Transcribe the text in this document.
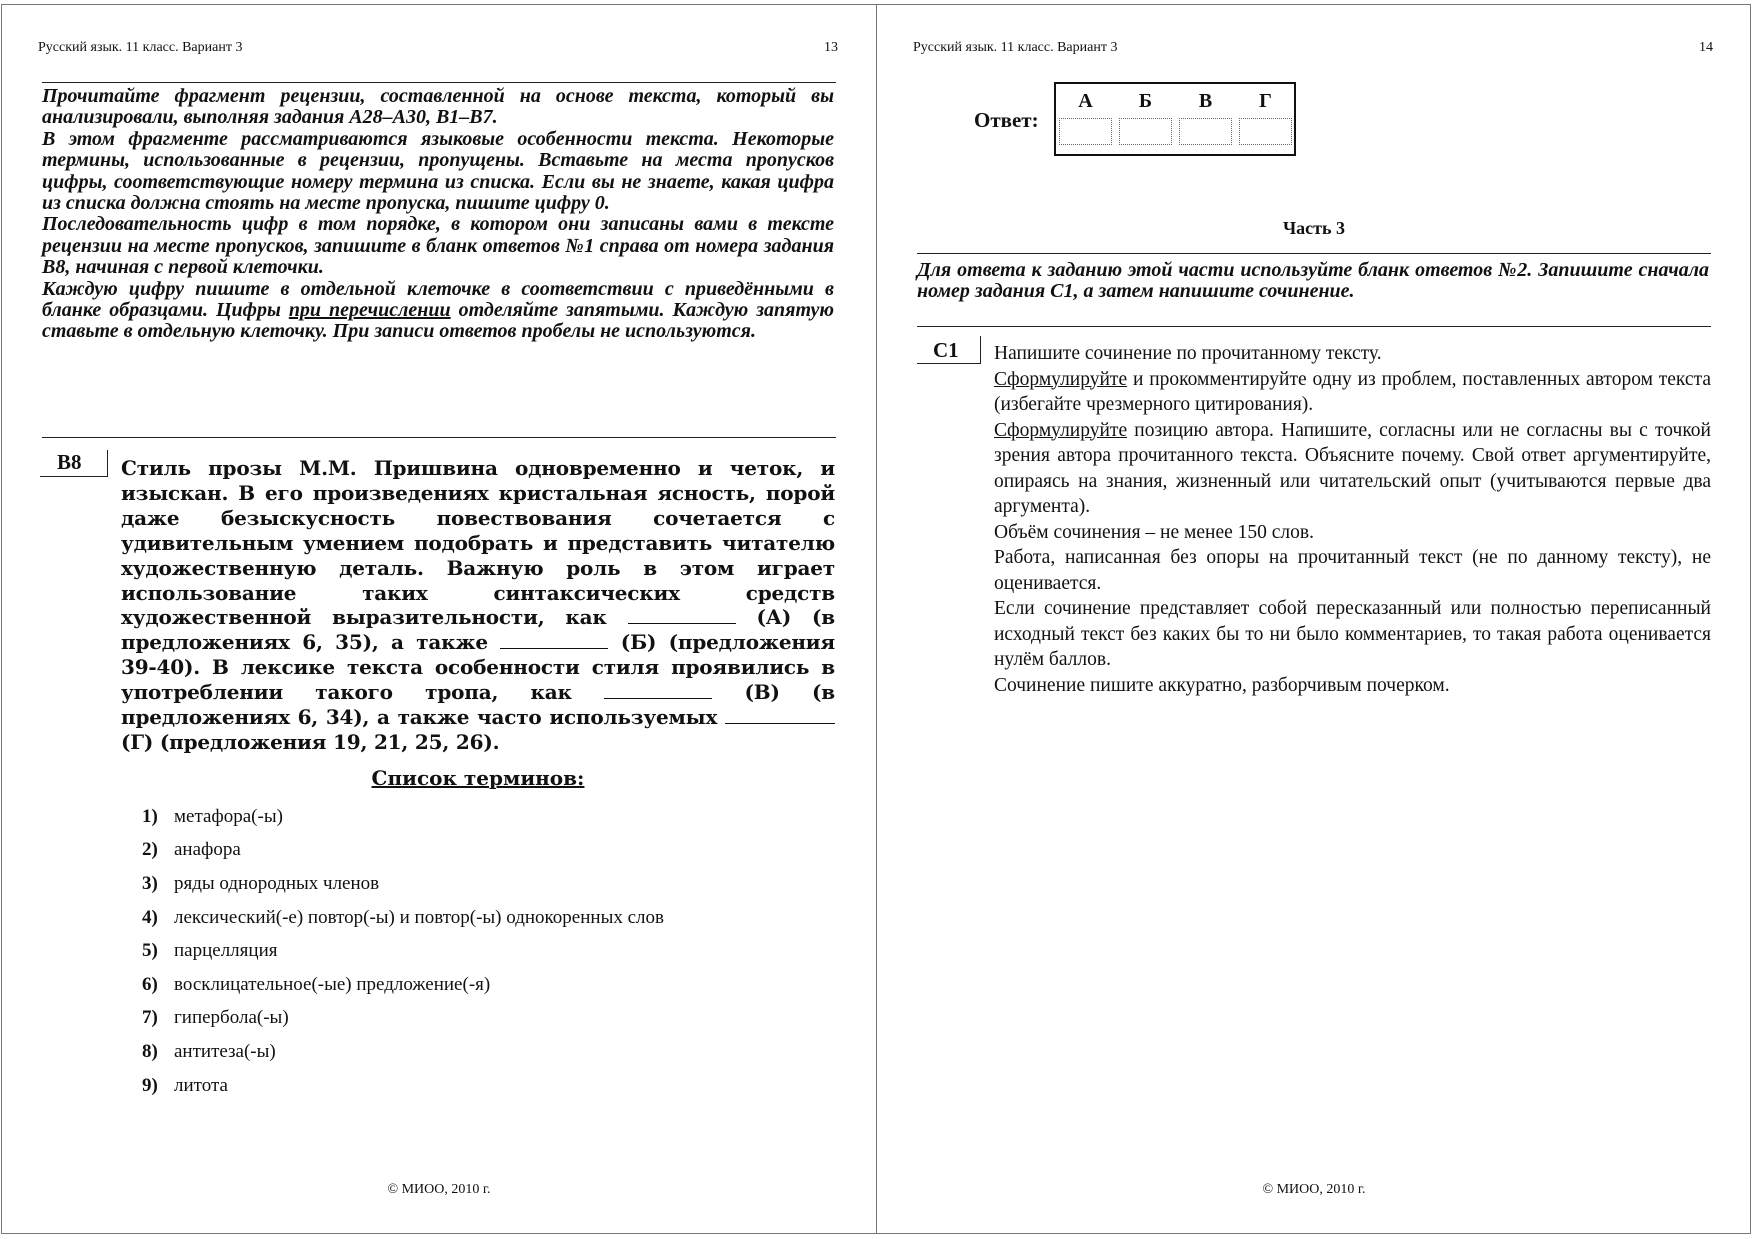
Русский язык. 11 класс. Вариант 3	13

Прочитайте фрагмент рецензии, составленной на основе текста, который вы анализировали, выполняя задания А28–А30, В1–В7.

В этом фрагменте рассматриваются языковые особенности текста. Некоторые термины, использованные в рецензии, пропущены. Вставьте на места пропусков цифры, соответствующие номеру термина из списка. Если вы не знаете, какая цифра из списка должна стоять на месте пропуска, пишите цифру 0.

Последовательность цифр в том порядке, в котором они записаны вами в тексте рецензии на месте пропусков, запишите в бланк ответов №1 справа от номера задания В8, начиная с первой клеточки.

Каждую цифру пишите в отдельной клеточке в соответствии с приведёнными в бланке образцами. Цифры при перечислении отделяйте запятыми. Каждую запятую ставьте в отдельную клеточку. При записи ответов пробелы не используются.

В8 Стиль прозы М.М. Пришвина одновременно и четок, и изыскан. В его произведениях кристальная ясность, порой даже безыскусность повествования сочетается с удивительным умением подобрать и представить читателю художественную деталь. Важную роль в этом играет использование таких синтаксических средств художественной выразительности, как	(А) (в предложениях 6, 35), а также	(Б) (предложения 39-40). В лексике текста особенности стиля проявились в употреблении такого тропа, как	(В) (в предложениях 6, 34), а также часто используемых  (Г) (предложения 19, 21, 25, 26).
Список терминов:
1) метафора(-ы)
2) анафора
3) ряды однородных членов
4) лексический(-е) повтор(-ы) и повтор(-ы) однокоренных слов
5) парцелляция
6) восклицательное(-ые) предложение(-я)
7) гипербола(-ы)
8) антитеза(-ы)
9) литота
© МИОО, 2010 г.
Русский язык. 11 класс. Вариант 3	14
Ответ:
А	Б	В	Г
Часть 3

Для ответа к заданию этой части используйте бланк ответов №2. Запишите сначала номер задания С1, а затем напишите сочинение.

С1 Напишите сочинение по прочитанному тексту.

Сформулируйте и прокомментируйте одну из проблем, поставленных автором текста (избегайте чрезмерного цитирования).

Сформулируйте позицию автора. Напишите, согласны или не согласны вы с точкой зрения автора прочитанного текста. Объясните почему. Свой ответ аргументируйте, опираясь на знания, жизненный или читательский опыт (учитываются первые два аргумента).

Объём сочинения – не менее 150 слов.

Работа, написанная без опоры на прочитанный текст (не по данному тексту), не оценивается.

Если сочинение представляет собой пересказанный или полностью переписанный исходный текст без каких бы то ни было комментариев, то такая работа оценивается нулём баллов.

Сочинение пишите аккуратно, разборчивым почерком.

© МИОО, 2010 г.
